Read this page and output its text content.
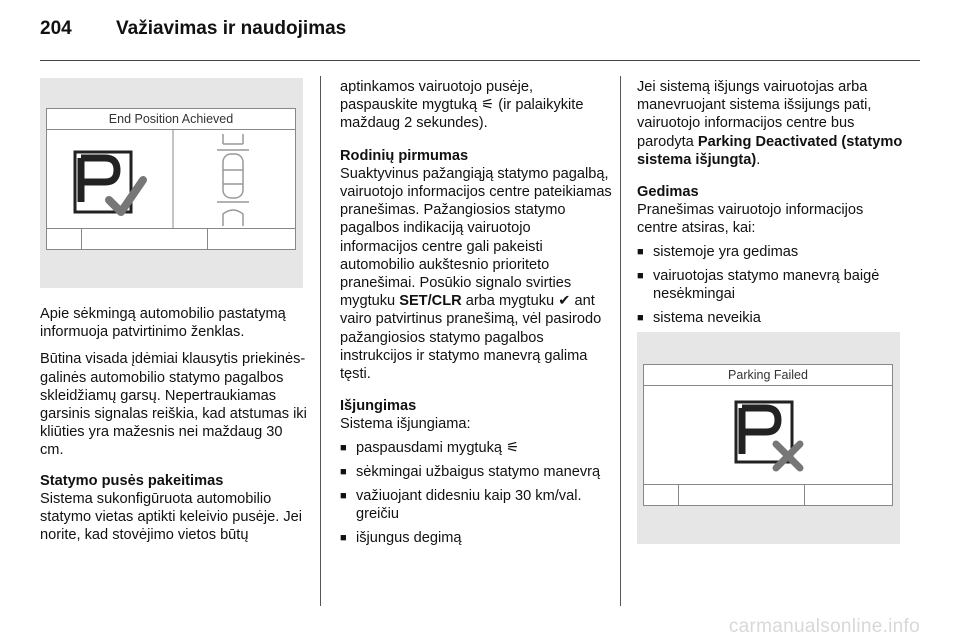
204 Važiavimas ir naudojimas
End Position Achieved

Apie sėkmingą automobilio pastatymą informuoja patvirtinimo ženklas.

Būtina visada įdėmiai klausytis priekinės-galinės automobilio statymo pagalbos skleidžiamų garsų. Nepertraukiamas garsinis signalas reiškia, kad atstumas iki kliūties yra mažesnis nei maždaug 30 cm.

Statymo pusės pakeitimas

Sistema sukonfigūruota automobilio statymo vietas aptikti keleivio pusėje. Jei norite, kad stovėjimo vietos būtų

aptinkamos vairuotojo pusėje, paspauskite mygtuką ⚟ (ir palaikykite maždaug 2 sekundes).

Rodinių pirmumas

Suaktyvinus pažangiąją statymo pagalbą, vairuotojo informacijos centre pateikiamas pranešimas. Pažangiosios statymo pagalbos indikaciją vairuotojo informacijos centre gali pakeisti automobilio aukštesnio prioriteto pranešimai. Posūkio signalo svirties mygtuku SET/CLR arba mygtuku ✔ ant vairo patvirtinus pranešimą, vėl pasirodo pažangiosios statymo pagalbos instrukcijos ir statymo manevrą galima tęsti.

Išjungimas

Sistema išjungiama:

■ paspausdami mygtuką ⚟
■ sėkmingai užbaigus statymo manevrą
■ važiuojant didesniu kaip 30 km/val. greičiu
■ išjungus degimą

Jei sistemą išjungs vairuotojas arba manevruojant sistema išsijungs pati, vairuotojo informacijos centre bus parodyta Parking Deactivated (statymo sistema išjungta).

Gedimas

Pranešimas vairuotojo informacijos centre atsiras, kai:

■ sistemoje yra gedimas
■ vairuotojas statymo manevrą baigė nesėkmingai
■ sistema neveikia
Parking Failed
carmanualsonline.info
